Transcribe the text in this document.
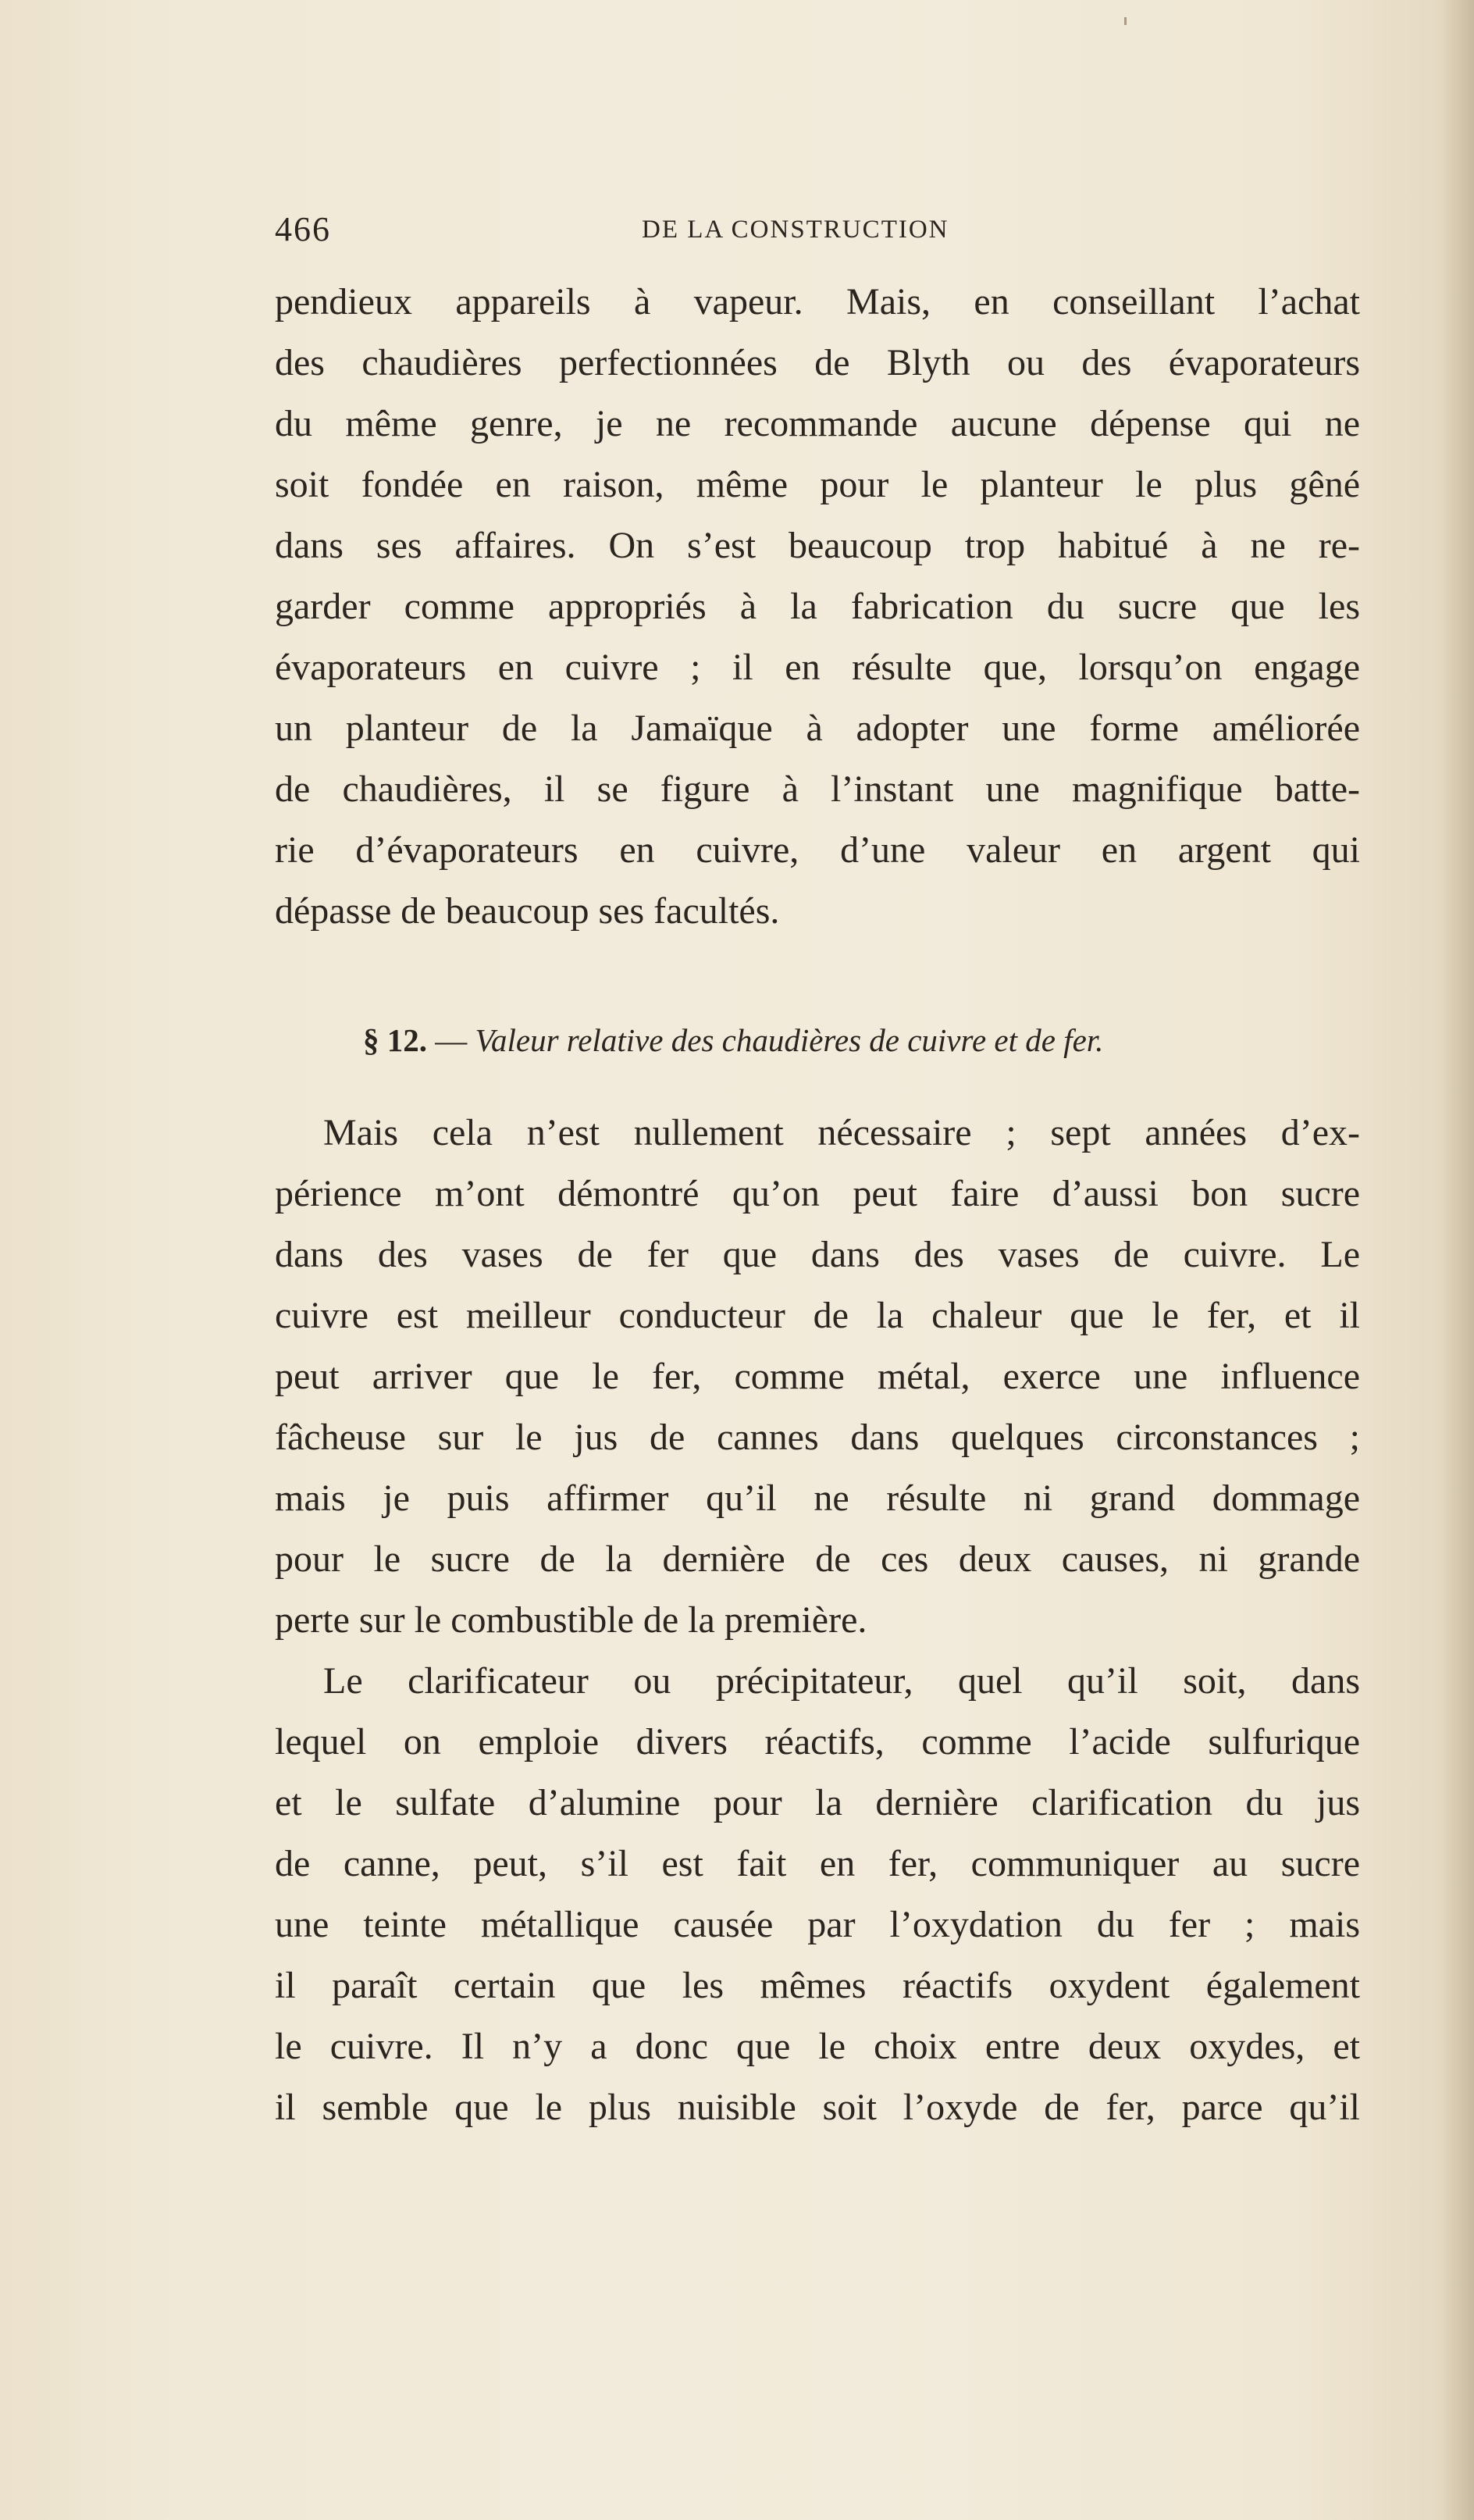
466	DE LA CONSTRUCTION
pendieux appareils à vapeur. Mais, en conseillant l’achat
des chaudières perfectionnées de Blyth ou des évaporateurs
du même genre, je ne recommande aucune dépense qui ne
soit fondée en raison, même pour le planteur le plus gêné
dans ses affaires. On s’est beaucoup trop habitué à ne re-
garder comme appropriés à la fabrication du sucre que les
évaporateurs en cuivre ; il en résulte que, lorsqu’on engage
un planteur de la Jamaïque à adopter une forme améliorée
de chaudières, il se figure à l’instant une magnifique batte-
rie d’évaporateurs en cuivre, d’une valeur en argent qui
dépasse de beaucoup ses facultés.
§ 12. — Valeur relative des chaudières de cuivre et de fer.
Mais cela n’est nullement nécessaire ; sept années d’ex-
périence m’ont démontré qu’on peut faire d’aussi bon sucre
dans des vases de fer que dans des vases de cuivre. Le
cuivre est meilleur conducteur de la chaleur que le fer, et il
peut arriver que le fer, comme métal, exerce une influence
fâcheuse sur le jus de cannes dans quelques circonstances ;
mais je puis affirmer qu’il ne résulte ni grand dommage
pour le sucre de la dernière de ces deux causes, ni grande
perte sur le combustible de la première.
Le clarificateur ou précipitateur, quel qu’il soit, dans
lequel on emploie divers réactifs, comme l’acide sulfurique
et le sulfate d’alumine pour la dernière clarification du jus
de canne, peut, s’il est fait en fer, communiquer au sucre
une teinte métallique causée par l’oxydation du fer ; mais
il paraît certain que les mêmes réactifs oxydent également
le cuivre. Il n’y a donc que le choix entre deux oxydes, et
il semble que le plus nuisible soit l’oxyde de fer, parce qu’il
